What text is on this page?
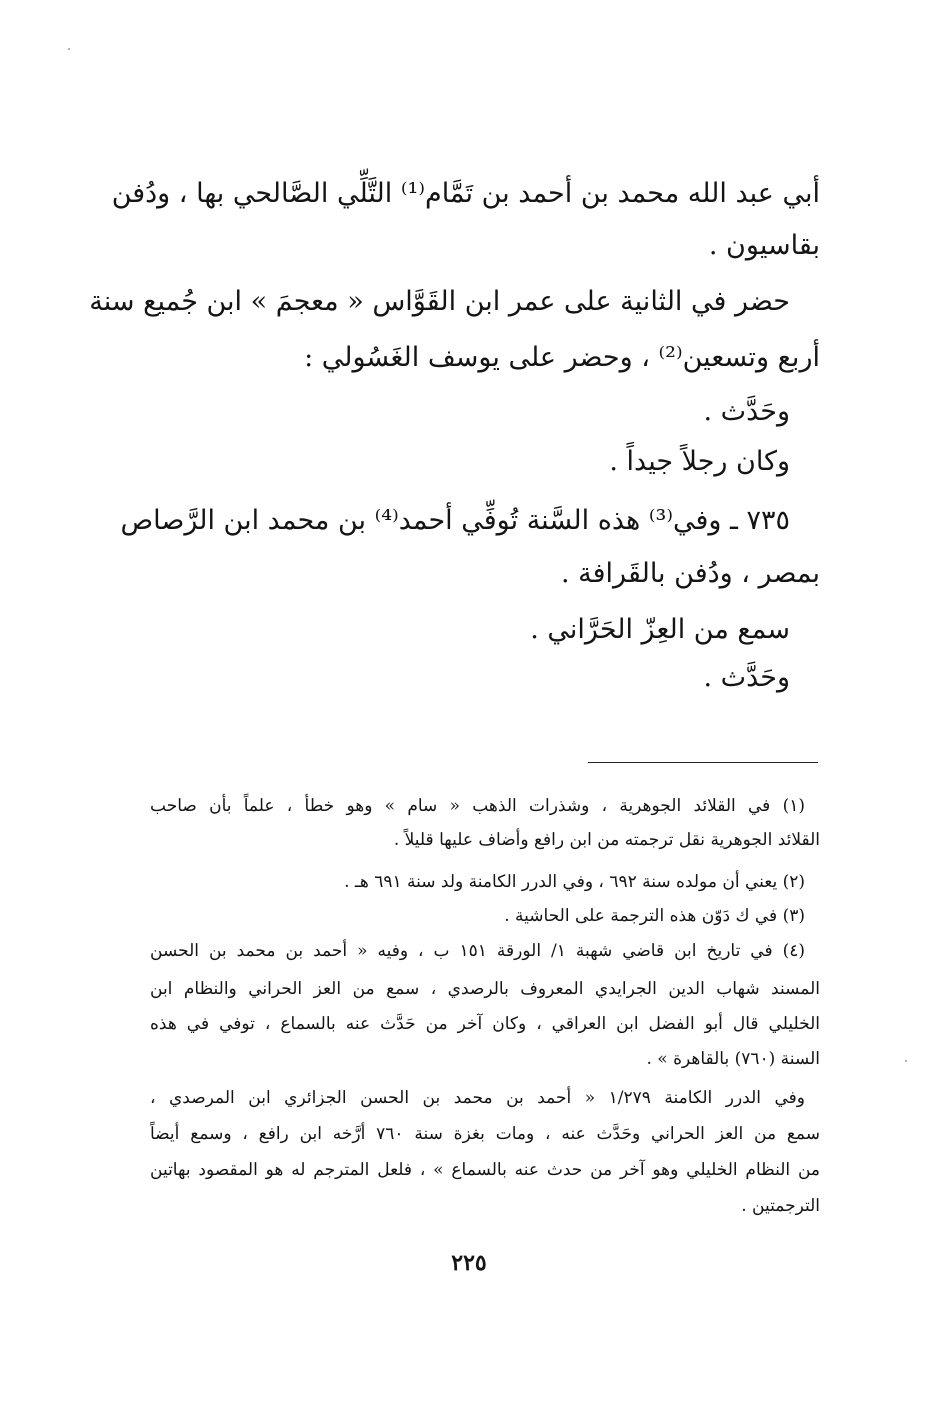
أبي عبد الله محمد بن أحمد بن تَمَّام⁽¹⁾ التَّلِّي الصَّالحي بها ، ودُفن
بقاسيون .
حضر في الثانية على عمر ابن القَوَّاس « معجمَ » ابن جُميع سنة
أربع وتسعين⁽²⁾ ، وحضر على يوسف الغَسُولي :
وحَدَّث .
وكان رجلاً جيداً .
٧٣٥ ـ وفي⁽³⁾ هذه السَّنة تُوفِّي أحمد⁽⁴⁾ بن محمد ابن الرَّصاص
بمصر ، ودُفن بالقَرافة .
سمع من العِزّ الحَرَّاني .
وحَدَّث .
(١) في القلائد الجوهرية ، وشذرات الذهب « سام » وهو خطأ ، علماً بأن صاحب
القلائد الجوهرية نقل ترجمته من ابن رافع وأضاف عليها قليلاً .
(٢) يعني أن مولده سنة ٦٩٢ ، وفي الدرر الكامنة ولد سنة ٦٩١ هـ .
(٣) في ك دَوّن هذه الترجمة على الحاشية .
(٤) في تاريخ ابن قاضي شهبة ١/ الورقة ١٥١ ب ، وفيه « أحمد بن محمد بن الحسن
المسند شهاب الدين الجرايدي المعروف بالرصدي ، سمع من العز الحراني والنظام ابن
الخليلي قال أبو الفضل ابن العراقي ، وكان آخر من حَدَّث عنه بالسماع ، توفي في هذه
السنة (٧٦٠) بالقاهرة » .
وفي الدرر الكامنة ١/٢٧٩ « أحمد بن محمد بن الحسن الجزائري ابن المرصدي ،
سمع من العز الحراني وحَدَّث عنه ، ومات بغزة سنة ٧٦٠ أرَّخه ابن رافع ، وسمع أيضاً
من النظام الخليلي وهو آخر من حدث عنه بالسماع » ، فلعل المترجم له هو المقصود بهاتين
الترجمتين .
٢٢٥
